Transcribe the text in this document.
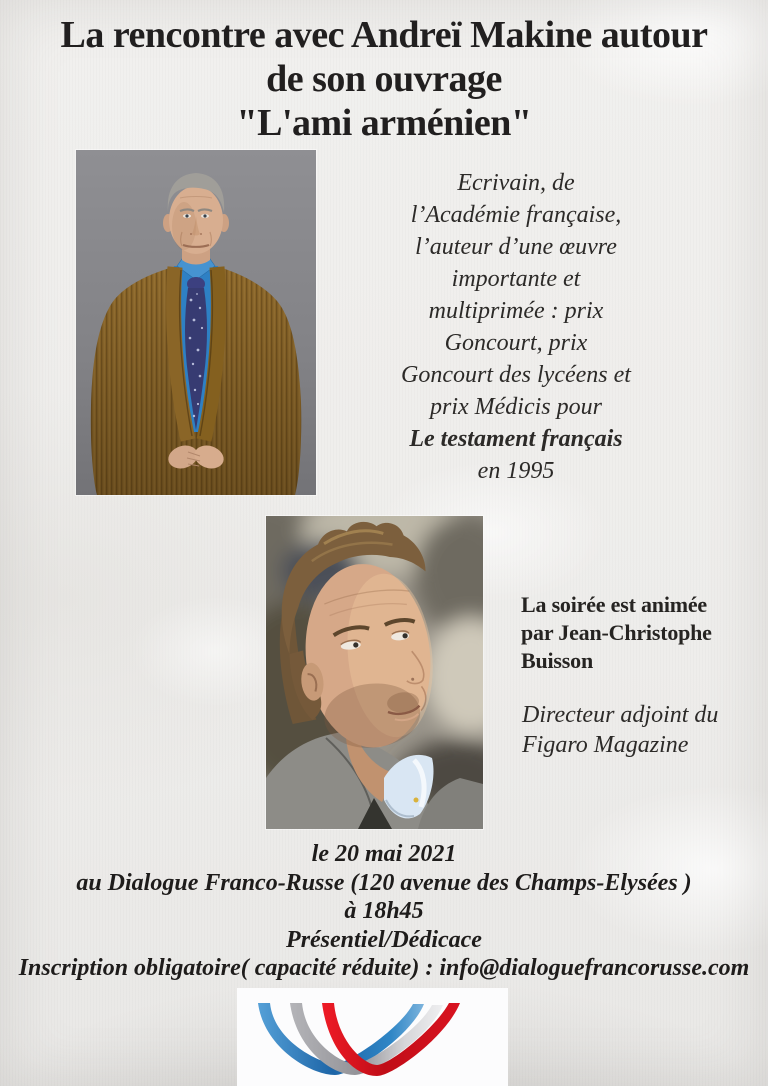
La rencontre avec Andreï Makine autour
de son ouvrage
"L'ami arménien"
Ecrivain, de
l’Académie française,
l’auteur d’une œuvre
importante et
multiprimée : prix
Goncourt, prix
Goncourt des lycéens et
prix Médicis pour
Le testament français
en 1995
La soirée est animée
par Jean-Christophe
Buisson
Directeur adjoint du
Figaro Magazine
le 20 mai 2021
au Dialogue Franco-Russe (120 avenue des Champs-Elysées )
à 18h45
Présentiel/Dédicace
Inscription obligatoire( capacité réduite) : info@dialoguefrancorusse.com
